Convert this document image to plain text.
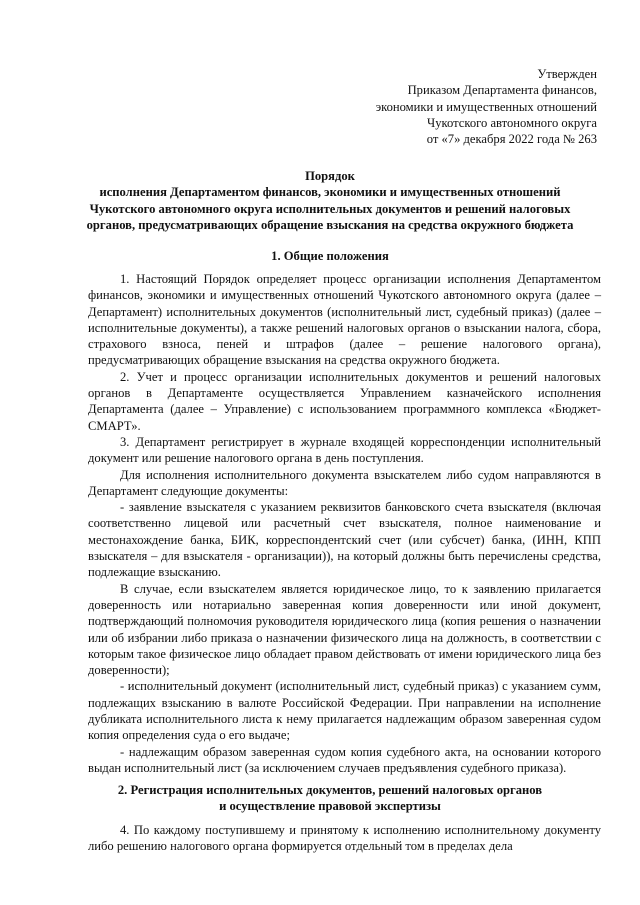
Утвержден
Приказом Департамента финансов,
экономики и имущественных отношений
Чукотского автономного округа
от «7» декабря 2022 года № 263
Порядок
исполнения Департаментом финансов, экономики и имущественных отношений
Чукотского автономного округа исполнительных документов и решений налоговых
органов, предусматривающих обращение взыскания на средства окружного бюджета
1. Общие положения

1. Настоящий Порядок определяет процесс организации исполнения Департаментом финансов, экономики и имущественных отношений Чукотского автономного округа (далее – Департамент) исполнительных документов (исполнительный лист, судебный приказ) (далее – исполнительные документы), а также решений налоговых органов о взыскании налога, сбора, страхового взноса, пеней и штрафов (далее – решение налогового органа), предусматривающих обращение взыскания на средства окружного бюджета.

2. Учет и процесс организации исполнительных документов и решений налоговых органов в Департаменте осуществляется Управлением казначейского исполнения Департамента (далее – Управление) с использованием программного комплекса «Бюджет-СМАРТ».

3. Департамент регистрирует в журнале входящей корреспонденции исполнительный документ или решение налогового органа в день поступления.

Для исполнения исполнительного документа взыскателем либо судом направляются в Департамент следующие документы:

- заявление взыскателя с указанием реквизитов банковского счета взыскателя (включая соответственно лицевой или расчетный счет взыскателя, полное наименование и местонахождение банка, БИК, корреспондентский счет (или субсчет) банка, (ИНН, КПП взыскателя – для взыскателя - организации)), на который должны быть перечислены средства, подлежащие взысканию.

В случае, если взыскателем является юридическое лицо, то к заявлению прилагается доверенность или нотариально заверенная копия доверенности или иной документ, подтверждающий полномочия руководителя юридического лица (копия решения о назначении или об избрании либо приказа о назначении физического лица на должность, в соответствии с которым такое физическое лицо обладает правом действовать от имени юридического лица без доверенности);

- исполнительный документ (исполнительный лист, судебный приказ) с указанием сумм, подлежащих взысканию в валюте Российской Федерации. При направлении на исполнение дубликата исполнительного листа к нему прилагается надлежащим образом заверенная судом копия определения суда о его выдаче;

- надлежащим образом заверенная судом копия судебного акта, на основании которого выдан исполнительный лист (за исключением случаев предъявления судебного приказа).

2. Регистрация исполнительных документов, решений налоговых органов
и осуществление правовой экспертизы

4. По каждому поступившему и принятому к исполнению исполнительному документу либо решению налогового органа формируется отдельный том в пределах дела
